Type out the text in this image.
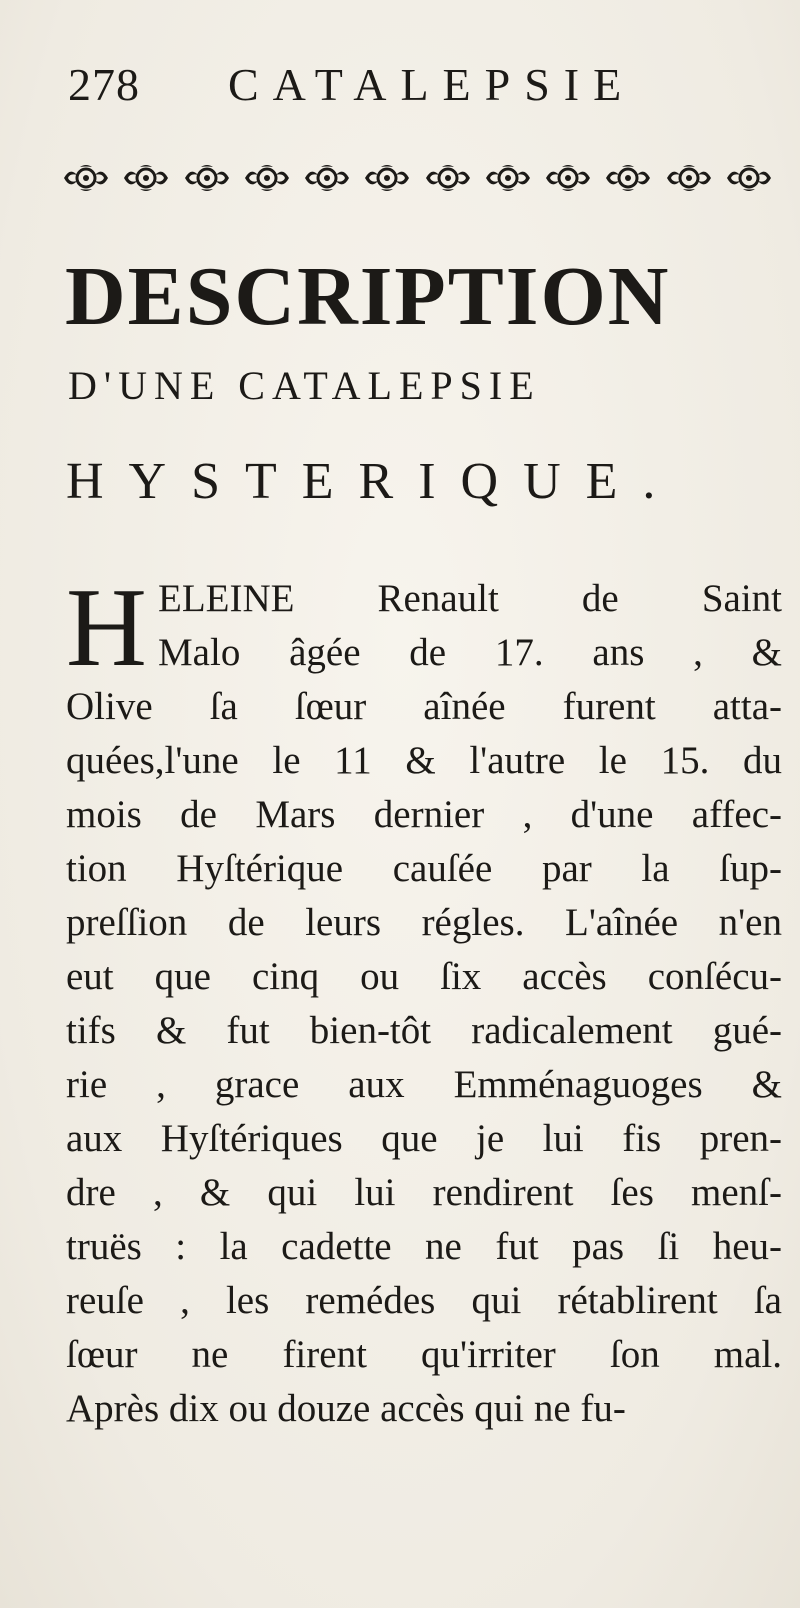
278 CATALEPSIE
DESCRIPTION
D'UNE CATALEPSIE
HYSTERIQUE.
H ELEINE Renault de Saint
Malo âgée de 17. ans , &
Olive ſa ſœur aînée furent atta-
quées,l'une le 11 & l'autre le 15. du
mois de Mars dernier , d'une affec-
tion Hyſtérique cauſée par la ſup-
preſſion de leurs régles. L'aînée n'en
eut que cinq ou ſix accès conſécu-
tifs & fut bien-tôt radicalement gué-
rie , grace aux Emménaguoges &
aux Hyſtériques que je lui fis pren-
dre , & qui lui rendirent ſes menſ-
truës : la cadette ne fut pas ſi heu-
reuſe , les remédes qui rétablirent ſa
ſœur ne firent qu'irriter ſon mal.
Après dix ou douze accès qui ne fu-
